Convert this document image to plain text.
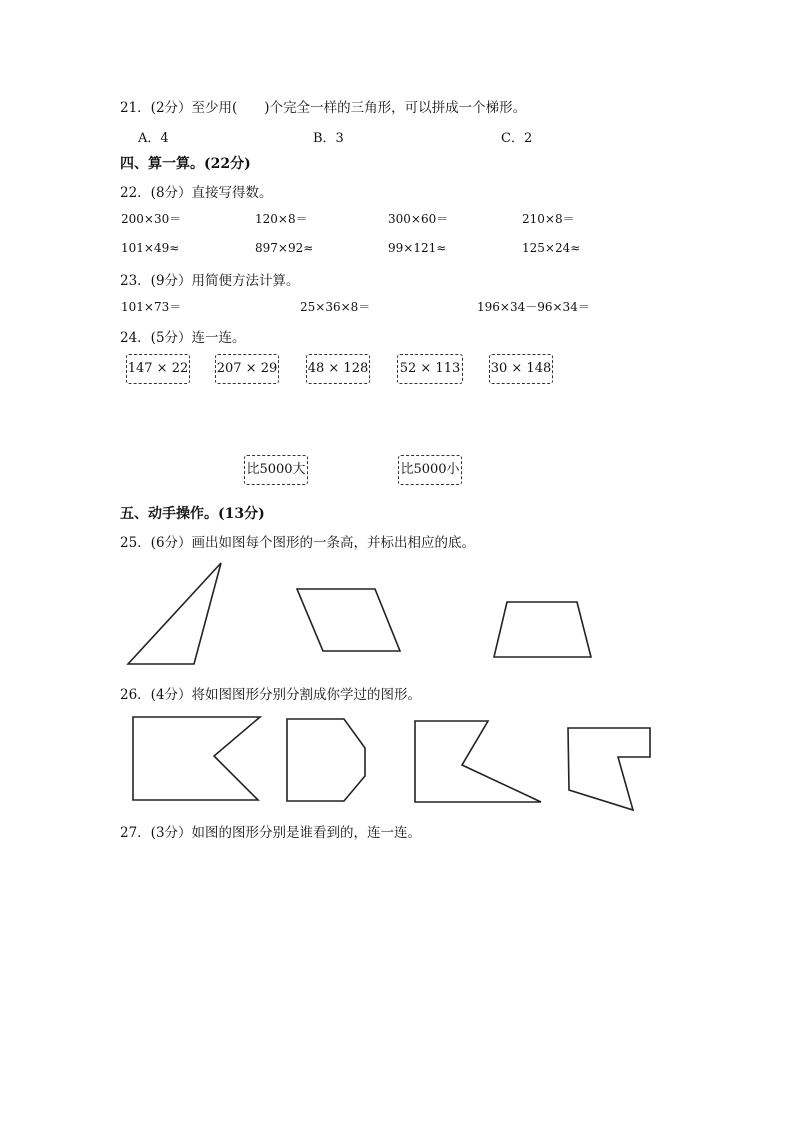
21．(2分）至少用(　　)个完全一样的三角形，可以拼成一个梯形。
A．4	B．3	C．2
四、算一算。(22分)
22．(8分）直接写得数。
200×30＝	120×8＝	300×60＝	210×8＝
101×49≈	897×92≈	99×121≈	125×24≈
23．(9分）用简便方法计算。
101×73＝	25×36×8＝	196×34－96×34＝
24．(5分）连一连。
147 × 22 207 × 29 48 × 128 52 × 113 30 × 148
比5000大	比5000小
五、动手操作。(13分)
25．(6分）画出如图每个图形的一条高，并标出相应的底。
26．(4分）将如图图形分别分割成你学过的图形。
27．(3分）如图的图形分别是谁看到的，连一连。
